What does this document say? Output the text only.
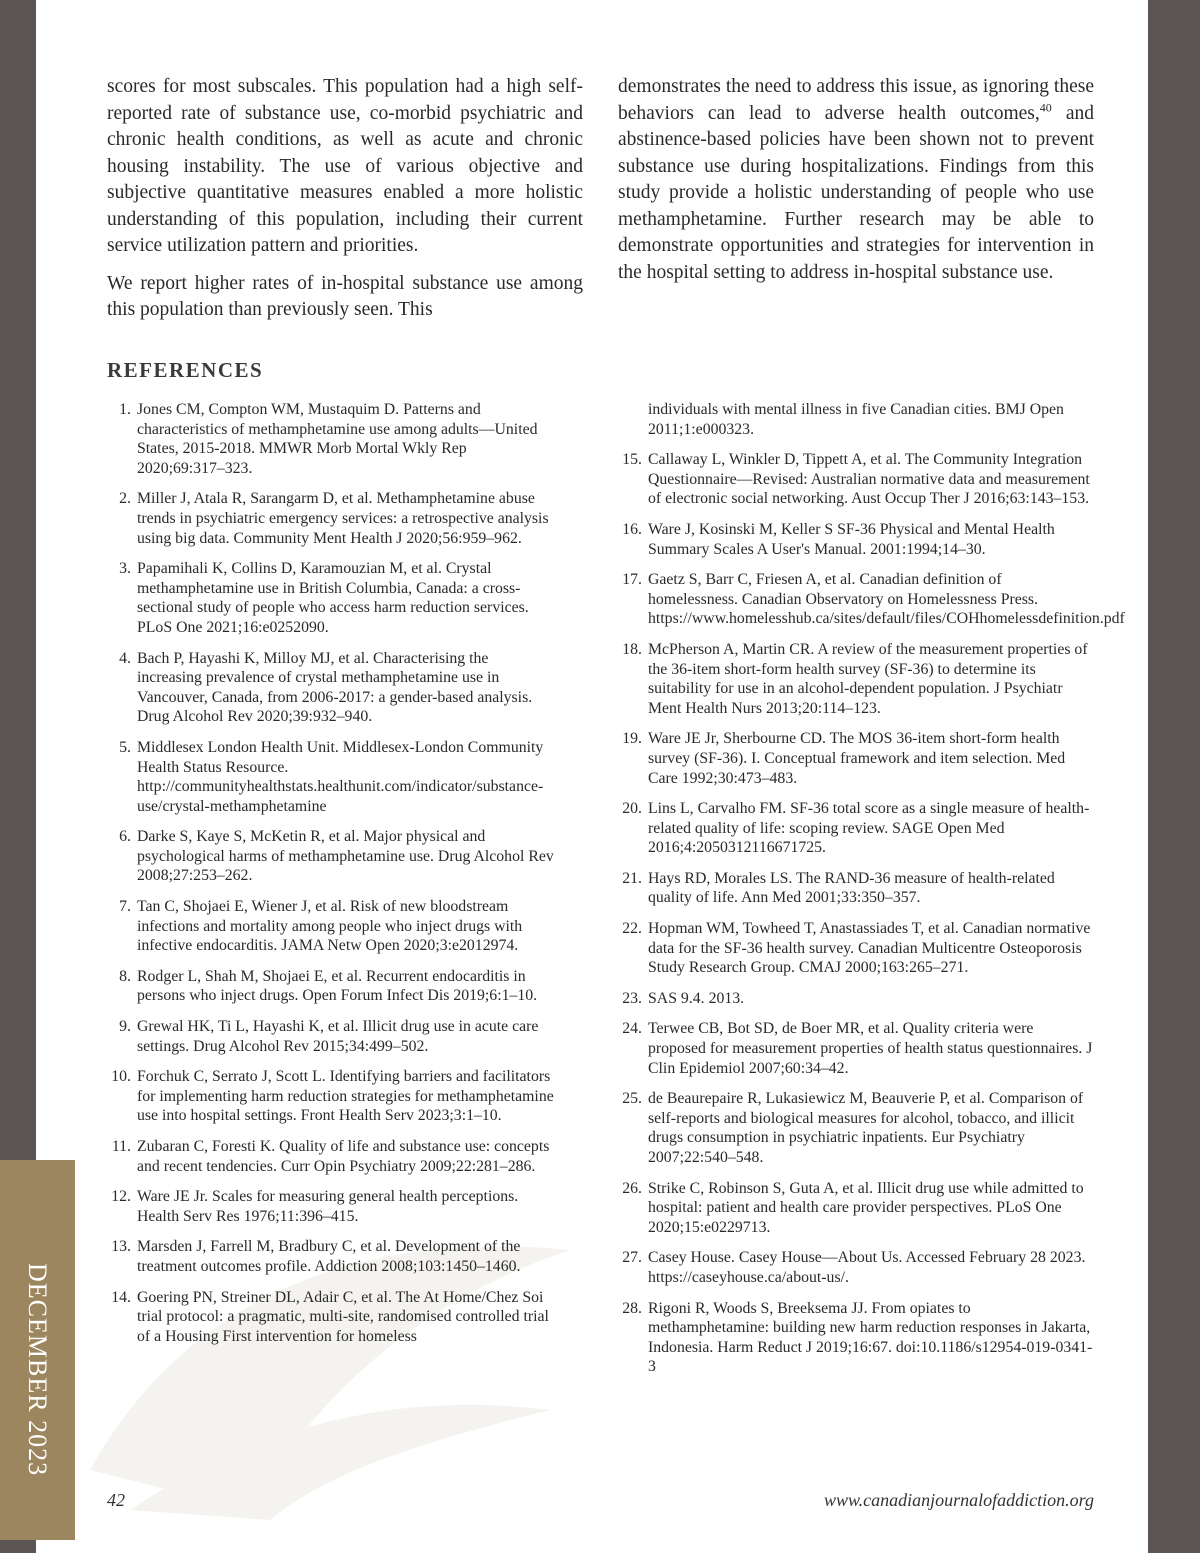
DECEMBER 2023

scores for most subscales. This population had a high self-reported rate of substance use, co-morbid psychiatric and chronic health conditions, as well as acute and chronic housing instability. The use of various objective and subjective quantitative measures enabled a more holistic understanding of this population, including their current service utilization pattern and priorities.

We report higher rates of in-hospital substance use among this population than previously seen. This

demonstrates the need to address this issue, as ignoring these behaviors can lead to adverse health outcomes,$^{40}$ and abstinence-based policies have been shown not to prevent substance use during hospitalizations. Findings from this study provide a holistic understanding of people who use methamphetamine. Further research may be able to demonstrate opportunities and strategies for intervention in the hospital setting to address in-hospital substance use.

REFERENCES
1. Jones CM, Compton WM, Mustaquim D. Patterns and characteristics of methamphetamine use among adults—United States, 2015-2018. MMWR Morb Mortal Wkly Rep 2020;69:317–323.
2. Miller J, Atala R, Sarangarm D, et al. Methamphetamine abuse trends in psychiatric emergency services: a retrospective analysis using big data. Community Ment Health J 2020;56:959–962.
3. Papamihali K, Collins D, Karamouzian M, et al. Crystal methamphetamine use in British Columbia, Canada: a cross-sectional study of people who access harm reduction services. PLoS One 2021;16:e0252090.
4. Bach P, Hayashi K, Milloy MJ, et al. Characterising the increasing prevalence of crystal methamphetamine use in Vancouver, Canada, from 2006-2017: a gender-based analysis. Drug Alcohol Rev 2020;39:932–940.
5. Middlesex London Health Unit. Middlesex-London Community Health Status Resource. http://communityhealthstats.healthunit.com/indicator/substance-use/crystal-methamphetamine
6. Darke S, Kaye S, McKetin R, et al. Major physical and psychological harms of methamphetamine use. Drug Alcohol Rev 2008;27:253–262.
7. Tan C, Shojaei E, Wiener J, et al. Risk of new bloodstream infections and mortality among people who inject drugs with infective endocarditis. JAMA Netw Open 2020;3:e2012974.
8. Rodger L, Shah M, Shojaei E, et al. Recurrent endocarditis in persons who inject drugs. Open Forum Infect Dis 2019;6:1–10.
9. Grewal HK, Ti L, Hayashi K, et al. Illicit drug use in acute care settings. Drug Alcohol Rev 2015;34:499–502.
10. Forchuk C, Serrato J, Scott L. Identifying barriers and facilitators for implementing harm reduction strategies for methamphetamine use into hospital settings. Front Health Serv 2023;3:1–10.
11. Zubaran C, Foresti K. Quality of life and substance use: concepts and recent tendencies. Curr Opin Psychiatry 2009;22:281–286.
12. Ware JE Jr. Scales for measuring general health perceptions. Health Serv Res 1976;11:396–415.
13. Marsden J, Farrell M, Bradbury C, et al. Development of the treatment outcomes profile. Addiction 2008;103:1450–1460.
14. Goering PN, Streiner DL, Adair C, et al. The At Home/Chez Soi trial protocol: a pragmatic, multi-site, randomised controlled trial of a Housing First intervention for homeless
individuals with mental illness in five Canadian cities. BMJ Open 2011;1:e000323.
15. Callaway L, Winkler D, Tippett A, et al. The Community Integration Questionnaire—Revised: Australian normative data and measurement of electronic social networking. Aust Occup Ther J 2016;63:143–153.
16. Ware J, Kosinski M, Keller S SF-36 Physical and Mental Health Summary Scales A User's Manual. 2001:1994;14–30.
17. Gaetz S, Barr C, Friesen A, et al. Canadian definition of homelessness. Canadian Observatory on Homelessness Press. https://www.homelesshub.ca/sites/default/files/COHhomelessdefinition.pdf
18. McPherson A, Martin CR. A review of the measurement properties of the 36-item short-form health survey (SF-36) to determine its suitability for use in an alcohol-dependent population. J Psychiatr Ment Health Nurs 2013;20:114–123.
19. Ware JE Jr, Sherbourne CD. The MOS 36-item short-form health survey (SF-36). I. Conceptual framework and item selection. Med Care 1992;30:473–483.
20. Lins L, Carvalho FM. SF-36 total score as a single measure of health-related quality of life: scoping review. SAGE Open Med 2016;4:2050312116671725.
21. Hays RD, Morales LS. The RAND-36 measure of health-related quality of life. Ann Med 2001;33:350–357.
22. Hopman WM, Towheed T, Anastassiades T, et al. Canadian normative data for the SF-36 health survey. Canadian Multicentre Osteoporosis Study Research Group. CMAJ 2000;163:265–271.
23. SAS 9.4. 2013.
24. Terwee CB, Bot SD, de Boer MR, et al. Quality criteria were proposed for measurement properties of health status questionnaires. J Clin Epidemiol 2007;60:34–42.
25. de Beaurepaire R, Lukasiewicz M, Beauverie P, et al. Comparison of self-reports and biological measures for alcohol, tobacco, and illicit drugs consumption in psychiatric inpatients. Eur Psychiatry 2007;22:540–548.
26. Strike C, Robinson S, Guta A, et al. Illicit drug use while admitted to hospital: patient and health care provider perspectives. PLoS One 2020;15:e0229713.
27. Casey House. Casey House—About Us. Accessed February 28 2023. https://caseyhouse.ca/about-us/.
28. Rigoni R, Woods S, Breeksema JJ. From opiates to methamphetamine: building new harm reduction responses in Jakarta, Indonesia. Harm Reduct J 2019;16:67. doi:10.1186/s12954-019-0341-3
42	www.canadianjournalofaddiction.org
